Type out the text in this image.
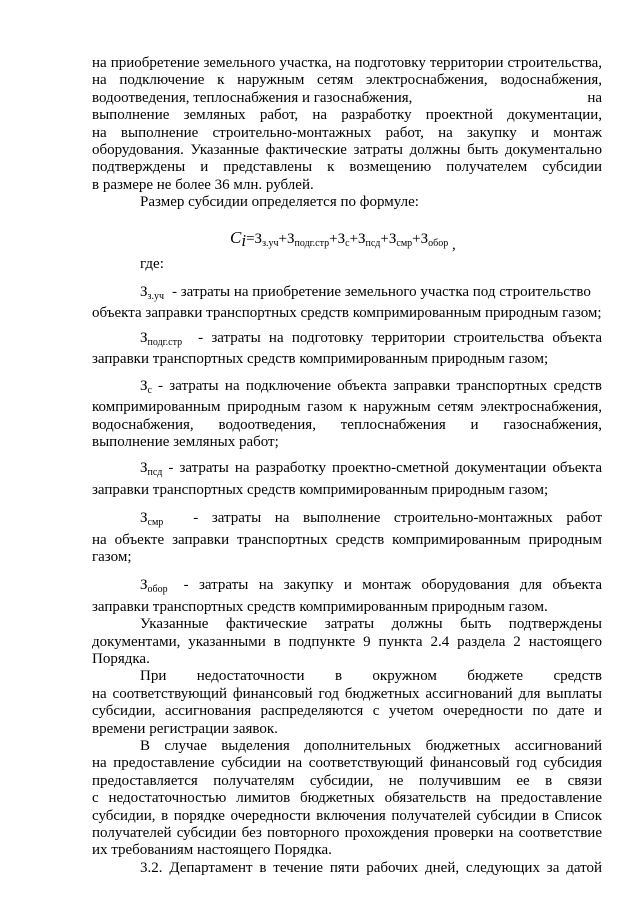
на приобретение земельного участка, на подготовку территории строительства,

на подключение к наружным сетям электроснабжения, водоснабжения,

водоотведения, теплоснабжения и газоснабжения,	на

выполнение земляных работ, на разработку проектной документации,

на выполнение строительно-монтажных работ, на закупку и монтаж

оборудования. Указанные фактические затраты должны быть документально

подтверждены и представлены к возмещению получателем субсидии

в размере не более 36 млн. рублей.

Размер субсидии определяется по формуле:

где:

$З_{з.уч}$ - затраты на приобретение земельного участка под строительство

объекта заправки транспортных средств компримированным природным газом;

$З_{подг.стр}$ - затраты на подготовку территории строительства объекта

заправки транспортных средств компримированным природным газом;

$З_с$ - затраты на подключение объекта заправки транспортных средств

компримированным природным газом к наружным сетям электроснабжения,

водоснабжения, водоотведения, теплоснабжения и газоснабжения,

выполнение земляных работ;

$З_{псд}$ - затраты на разработку проектно-сметной документации объекта

заправки транспортных средств компримированным природным газом;

$З_{смр}$ - затраты на выполнение строительно-монтажных работ

на объекте заправки транспортных средств компримированным природным

газом;

$З_{обор}$ - затраты на закупку и монтаж оборудования для объекта

заправки транспортных средств компримированным природным газом.

Указанные фактические затраты должны быть подтверждены

документами, указанными в подпункте 9 пункта 2.4 раздела 2 настоящего

Порядка.

При недостаточности в окружном бюджете средств

на соответствующий финансовый год бюджетных ассигнований для выплаты

субсидии, ассигнования распределяются с учетом очередности по дате и

времени регистрации заявок.

В случае выделения дополнительных бюджетных ассигнований

на предоставление субсидии на соответствующий финансовый год субсидия

предоставляется получателям субсидии, не получившим ее в связи

с недостаточностью лимитов бюджетных обязательств на предоставление

субсидии, в порядке очередности включения получателей субсидии в Список

получателей субсидии без повторного прохождения проверки на соответствие

их требованиям настоящего Порядка.

3.2. Департамент в течение пяти рабочих дней, следующих за датой

$C_i=З_{з.уч}+З_{подг.стр}+З_с+З_{псд}+З_{смр}+З_{обор}$ ,
